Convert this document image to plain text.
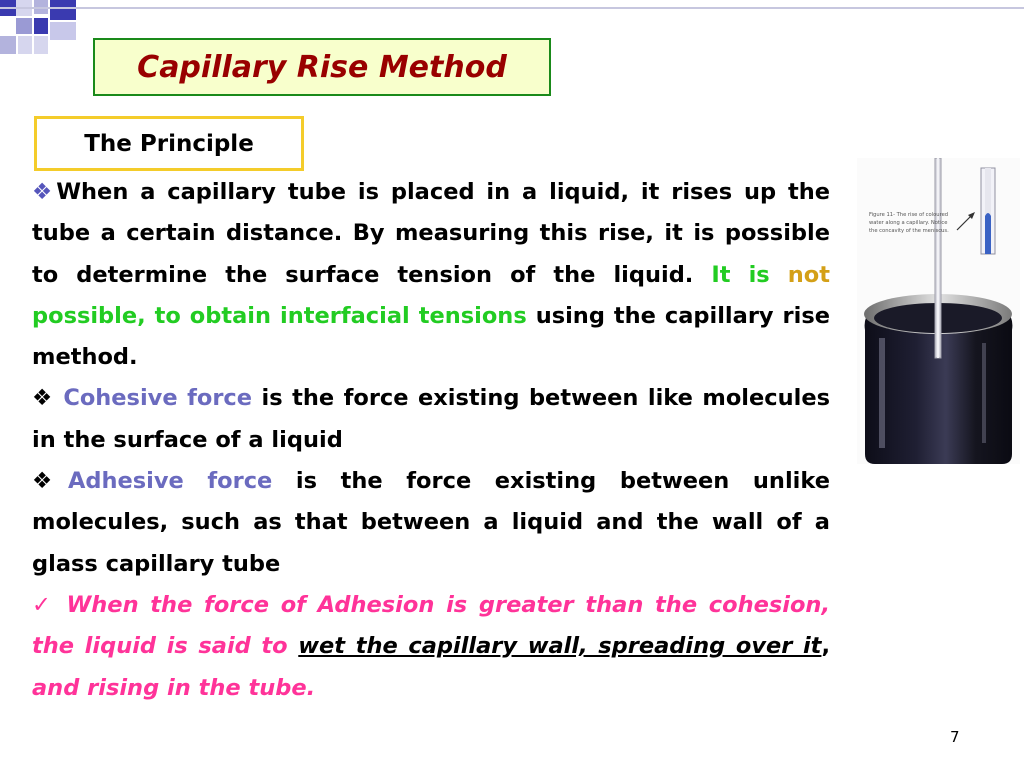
Capillary Rise Method
The Principle

❖When a capillary tube is placed in a liquid, it rises up the tube a certain distance. By measuring this rise, it is possible to determine the surface tension of the liquid. It is not possible, to obtain interfacial tensions using the capillary rise method.

❖ Cohesive force is the force existing between like molecules in the surface of a liquid

❖Adhesive force is the force existing between unlike molecules, such as that between a liquid and the wall of a glass capillary tube

✓ When the force of Adhesion is greater than the cohesion, the liquid is said to wet the capillary wall, spreading over it, and rising in the tube.

Figure 11- The rise of coloured water along a capillary. Notice the concavity of the meniscus.
7
